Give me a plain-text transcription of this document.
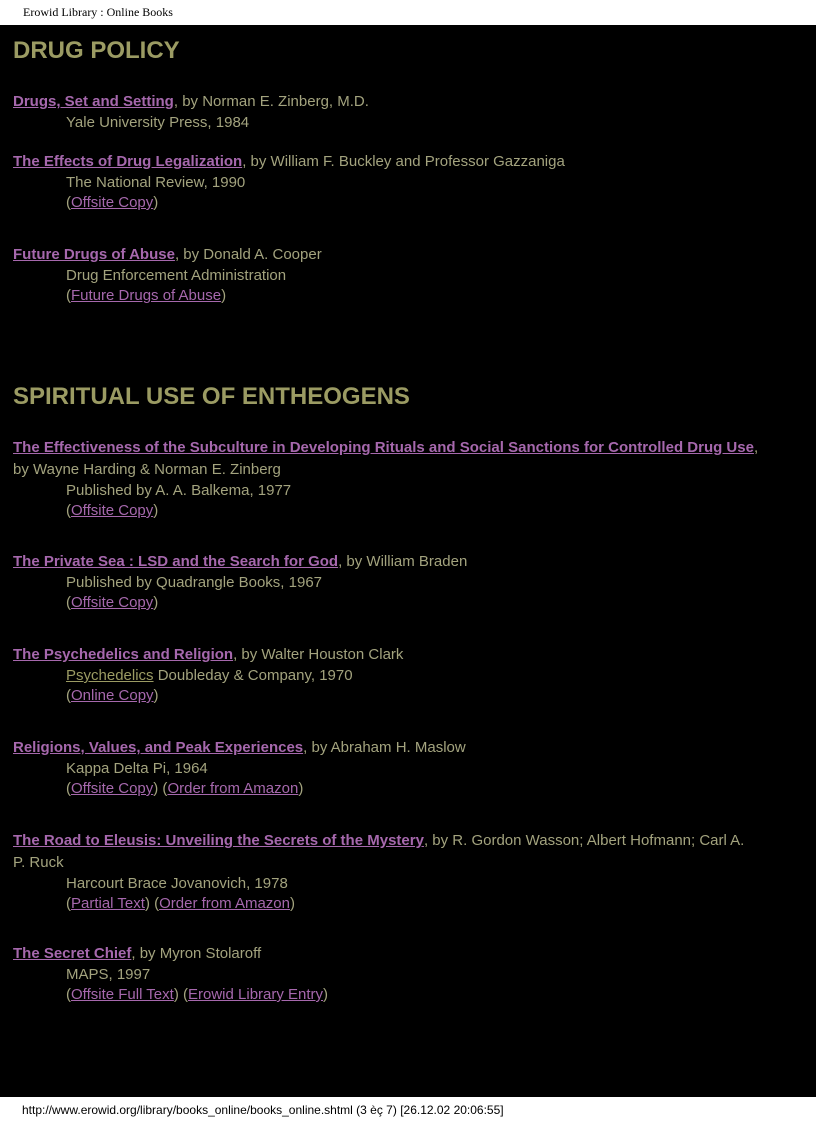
Erowid Library : Online Books
DRUG POLICY
Drugs, Set and Setting, by Norman E. Zinberg, M.D.
Yale University Press, 1984
The Effects of Drug Legalization, by William F. Buckley and Professor Gazzaniga
The National Review, 1990
(Offsite Copy)
Future Drugs of Abuse, by Donald A. Cooper
Drug Enforcement Administration
(Future Drugs of Abuse)
SPIRITUAL USE OF ENTHEOGENS
The Effectiveness of the Subculture in Developing Rituals and Social Sanctions for Controlled Drug Use,
by Wayne Harding & Norman E. Zinberg
Published by A. A. Balkema, 1977
(Offsite Copy)
The Private Sea : LSD and the Search for God, by William Braden
Published by Quadrangle Books, 1967
(Offsite Copy)
The Psychedelics and Religion, by Walter Houston Clark
Psychedelics Doubleday & Company, 1970
(Online Copy)
Religions, Values, and Peak Experiences, by Abraham H. Maslow
Kappa Delta Pi, 1964
(Offsite Copy) (Order from Amazon)
The Road to Eleusis: Unveiling the Secrets of the Mystery, by R. Gordon Wasson; Albert Hofmann; Carl A.
P. Ruck
Harcourt Brace Jovanovich, 1978
(Partial Text) (Order from Amazon)
The Secret Chief, by Myron Stolaroff
MAPS, 1997
(Offsite Full Text) (Erowid Library Entry)
http://www.erowid.org/library/books_online/books_online.shtml (3 èç 7) [26.12.02 20:06:55]
